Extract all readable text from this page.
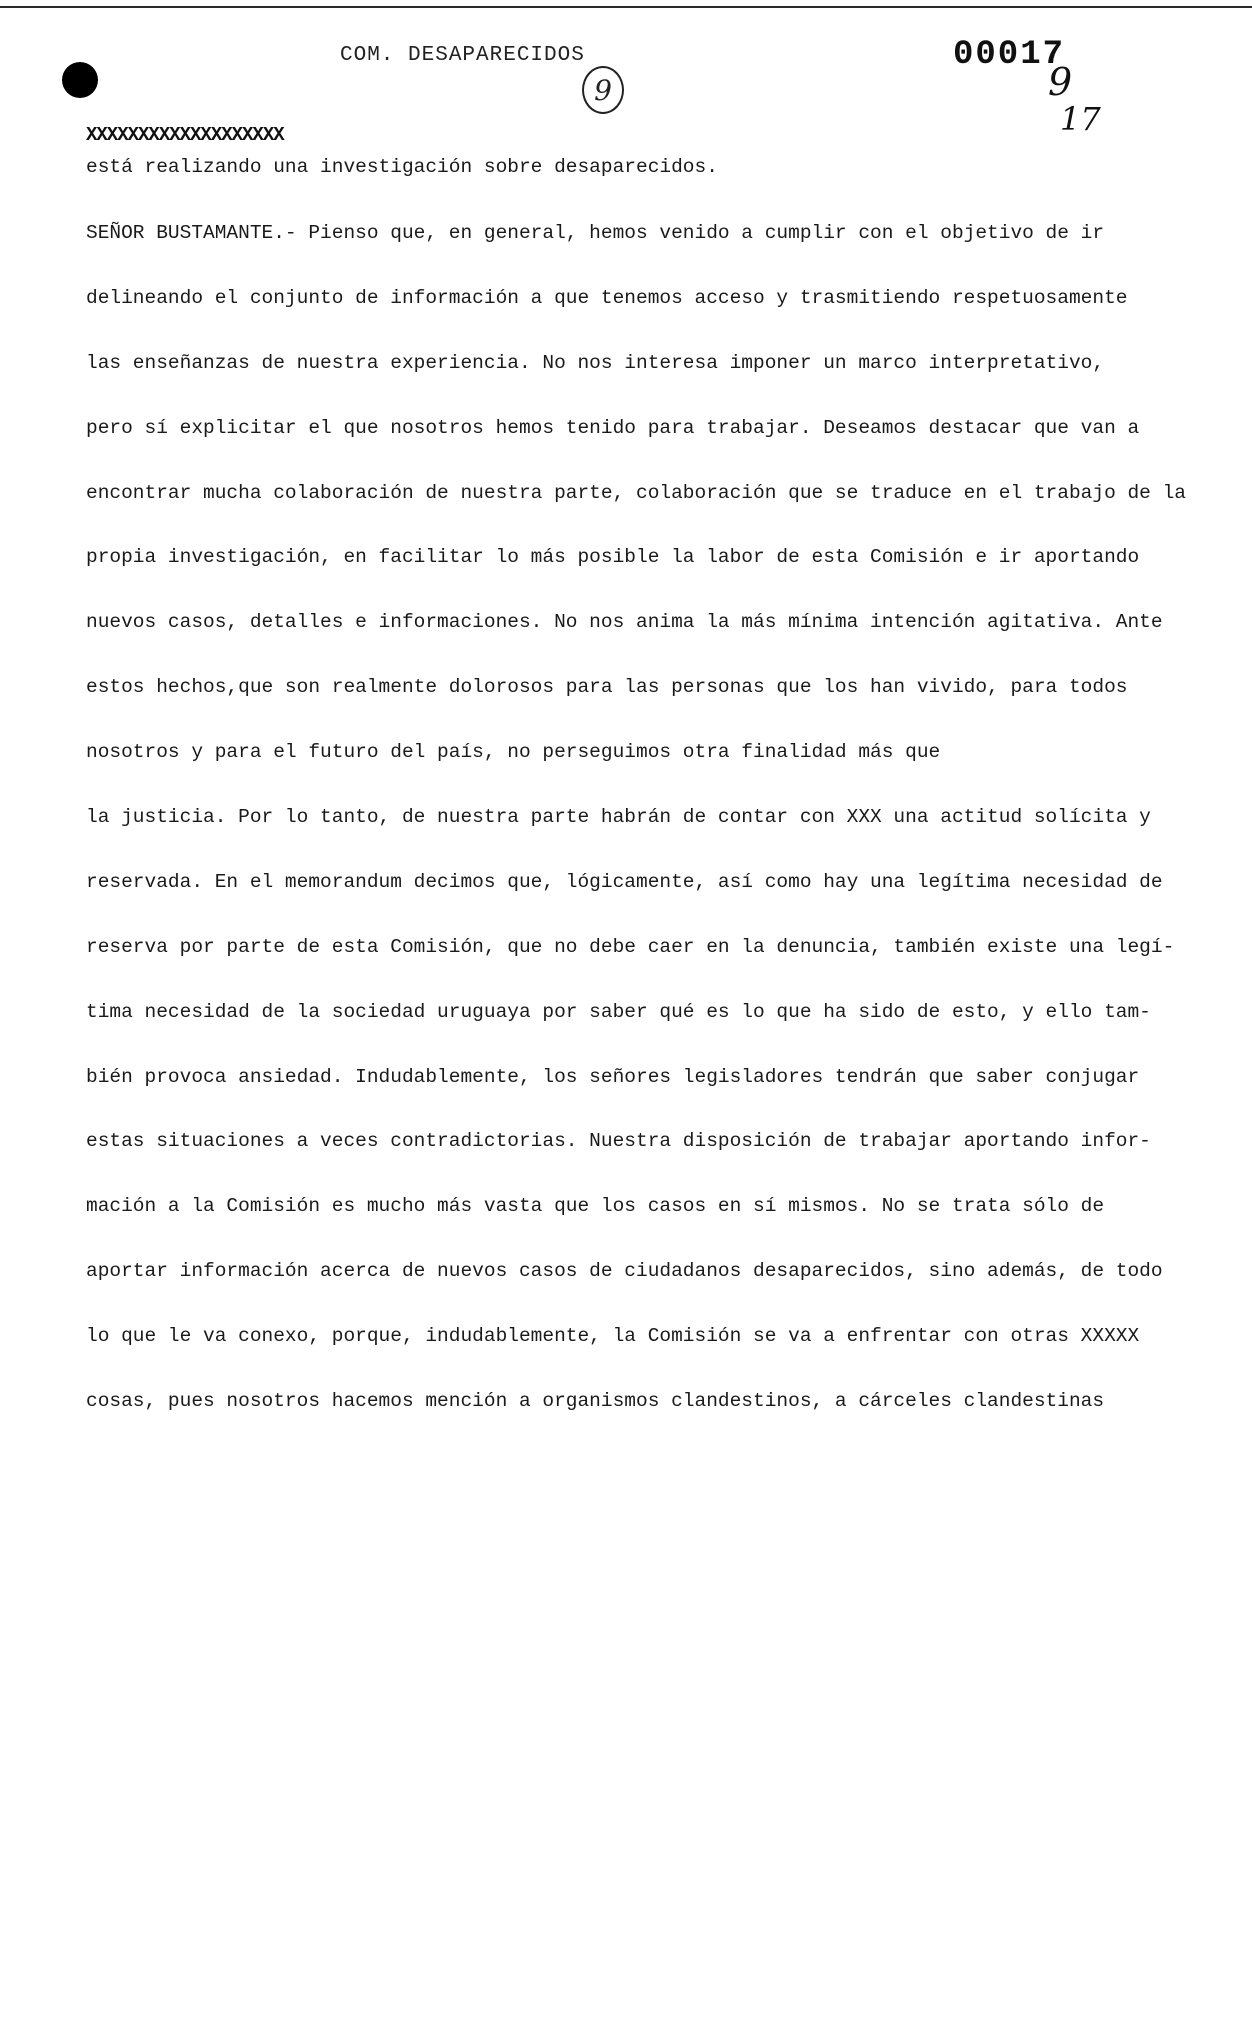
COM. DESAPARECIDOS
9
00017
9
17
XXXXXXXXXXXXXXXXXXX
está realizando una investigación sobre desaparecidos.
SEÑOR BUSTAMANTE.- Pienso que, en general, hemos venido a cumplir con el objetivo de ir
delineando el conjunto de información a que tenemos acceso y trasmitiendo respetuosamente
las enseñanzas de nuestra experiencia. No nos interesa imponer un marco interpretativo,
pero sí explicitar el que nosotros hemos tenido para trabajar. Deseamos destacar que van a
encontrar mucha colaboración de nuestra parte, colaboración que se traduce en el trabajo de la
propia investigación, en facilitar lo más posible la labor de esta Comisión e ir aportando
nuevos casos, detalles e informaciones. No nos anima la más mínima intención agitativa. Ante
estos hechos,que son realmente dolorosos para las personas que los han vivido, para todos
nosotros y para el futuro del país, no perseguimos otra finalidad más que
la justicia. Por lo tanto, de nuestra parte habrán de contar con XXX una actitud solícita y
reservada. En el memorandum decimos que, lógicamente, así como hay una legítima necesidad de
reserva por parte de esta Comisión, que no debe caer en la denuncia, también existe una legí-
tima necesidad de la sociedad uruguaya por saber qué es lo que ha sido de esto, y ello tam-
bién provoca ansiedad. Indudablemente, los señores legisladores tendrán que saber conjugar
estas situaciones a veces contradictorias. Nuestra disposición de trabajar aportando infor-
mación a la Comisión es mucho más vasta que los casos en sí mismos. No se trata sólo de
aportar información acerca de nuevos casos de ciudadanos desaparecidos, sino además, de todo
lo que le va conexo, porque, indudablemente, la Comisión se va a enfrentar con otras XXXXX
cosas, pues nosotros hacemos mención a organismos clandestinos, a cárceles clandestinas
